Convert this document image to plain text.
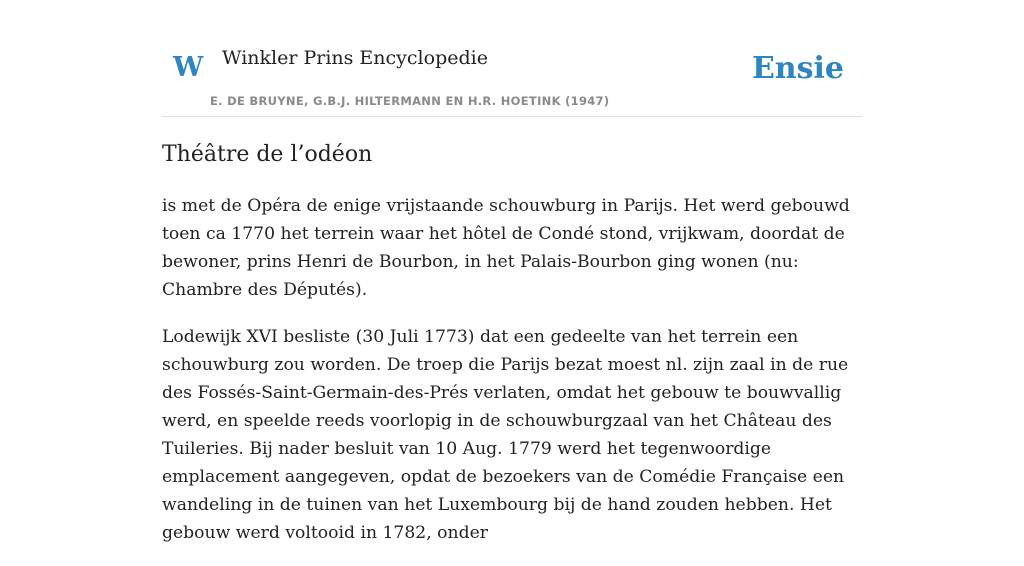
W Winkler Prins Encyclopedie
E. DE BRUYNE, G.B.J. HILTERMANN EN H.R. HOETINK (1947)
Ensie
Théâtre de l’odéon

is met de Opéra de enige vrijstaande schouwburg in Parijs. Het werd gebouwd toen ca 1770 het terrein waar het hôtel de Condé stond, vrijkwam, doordat de bewoner, prins Henri de Bourbon, in het Palais-Bourbon ging wonen (nu: Chambre des Députés).

Lodewijk XVI besliste (30 Juli 1773) dat een gedeelte van het terrein een schouwburg zou worden. De troep die Parijs bezat moest nl. zijn zaal in de rue des Fossés-Saint-Germain-des-Prés verlaten, omdat het gebouw te bouwvallig werd, en speelde reeds voorlopig in de schouwburgzaal van het Château des Tuileries. Bij nader besluit van 10 Aug. 1779 werd het tegenwoordige emplacement aangegeven, opdat de bezoekers van de Comédie Française een wandeling in de tuinen van het Luxembourg bij de hand zouden hebben. Het gebouw werd voltooid in 1782, onder
